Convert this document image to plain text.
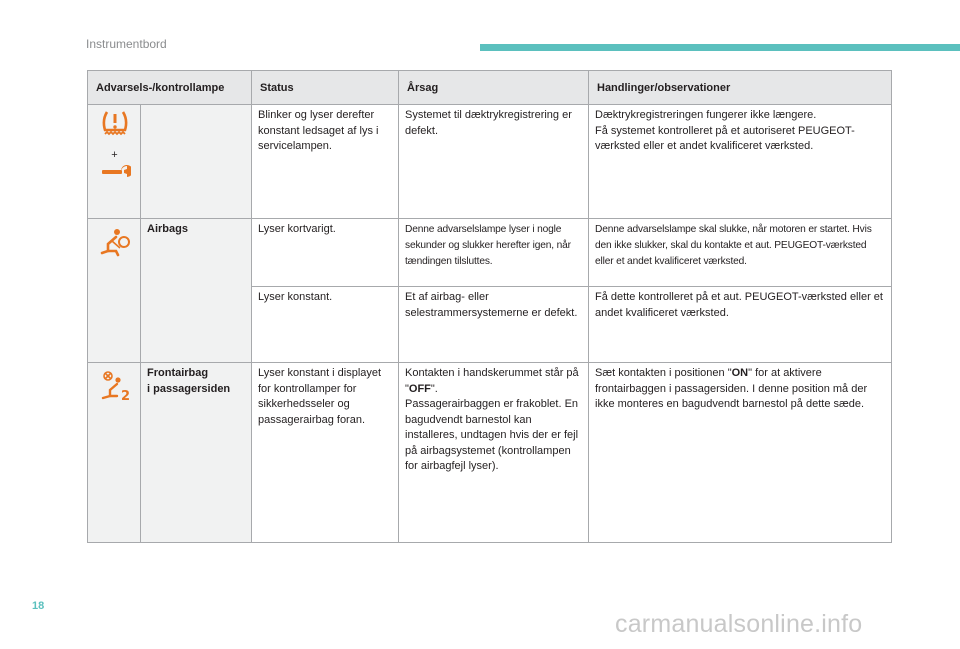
Instrumentbord
Advarsels-/kontrollampe		Status	Årsag	Handlinger/observationer

+		Blinker og lyser derefter konstant ledsaget af lys i servicelampen.	Systemet til dæktrykregistrering er defekt.	Dæktrykregistreringen fungerer ikke længere.
Få systemet kontrolleret på et autoriseret PEUGEOT-værksted eller et andet kvalificeret værksted.
	Airbags	Lyser kortvarigt.	Denne advarselslampe lyser i nogle sekunder og slukker herefter igen, når tændingen tilsluttes.	Denne advarselslampe skal slukke, når motoren er startet. Hvis den ikke slukker, skal du kontakte et aut. PEUGEOT-værksted eller et andet kvalificeret værksted.
		Lyser konstant.	Et af airbag- eller selestrammersystemerne er defekt.	Få dette kontrolleret på et aut. PEUGEOT-værksted eller et andet kvalificeret værksted.

2	Frontairbag
i passagersiden	Lyser konstant i displayet for kontrollamper for sikkerhedsseler og passagerairbag foran.	Kontakten i handskerummet står på "OFF".
Passagerairbaggen er frakoblet. En bagudvendt barnestol kan installeres, undtagen hvis der er fejl på airbagsystemet (kontrollampen for airbagfejl lyser).	Sæt kontakten i positionen "ON" for at aktivere frontairbaggen i passagersiden. I denne position må der ikke monteres en bagudvendt barnestol på dette sæde.
18
carmanualsonline.info
